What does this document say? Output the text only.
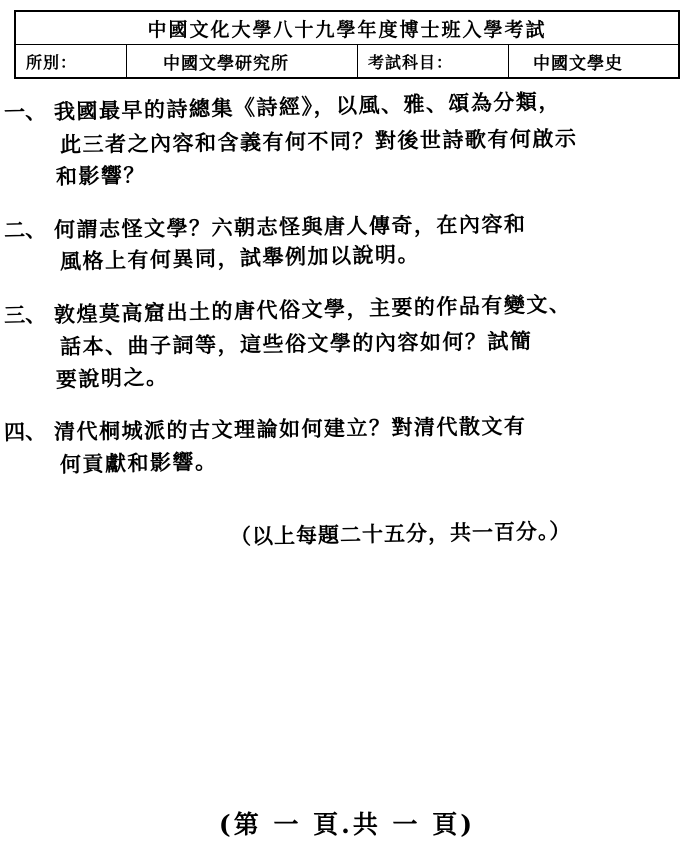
中國文化大學八十九學年度博士班入學考試

所別：	中國文學研究所	考試科目：	中國文學史
一、 我國最早的詩總集《詩經》，以風、雅、頌為分類，
此三者之內容和含義有何不同？對後世詩歌有何啟示
和影響？
二、 何謂志怪文學？六朝志怪與唐人傳奇，在內容和
風格上有何異同，試舉例加以說明。
三、 敦煌莫高窟出土的唐代俗文學，主要的作品有變文、
話本、曲子詞等，這些俗文學的內容如何？試簡
要說明之。
四、 清代桐城派的古文理論如何建立？對清代散文有
何貢獻和影響。
（以上每題二十五分，共一百分。）
(第 一 頁.共 一 頁)
